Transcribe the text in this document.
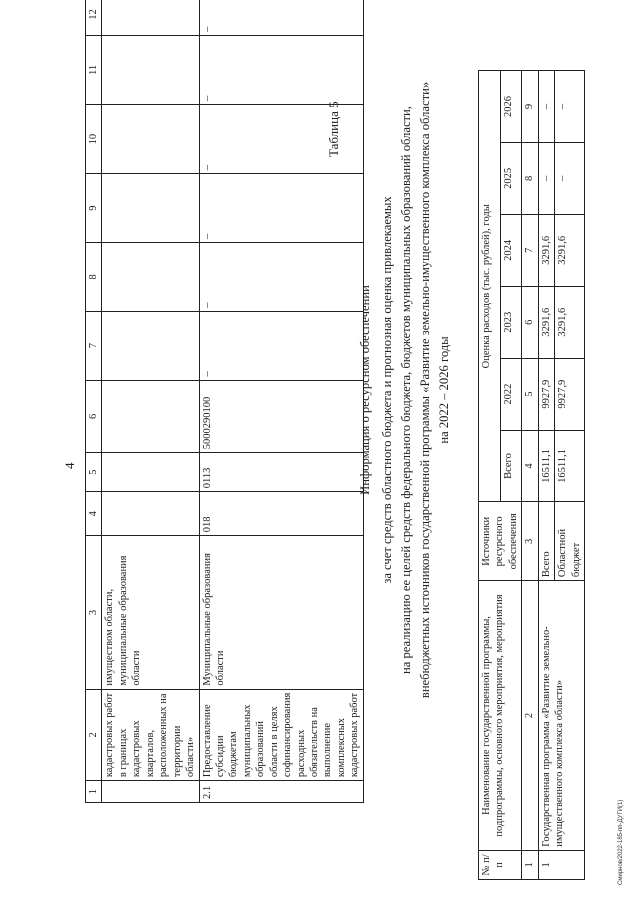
4
1	2	3	4	5	6	7	8	9	10	11	12
	кадастровых работ в границах кадастровых кварталов, расположенных на территории области»	имуществом области, муниципальные образования области									
2.1	Предоставление субсидии бюджетам муниципальных образований области в целях софинансирования расходных обязательств на выполнение комплексных кадастровых работ	Муниципальные образования области	018	0113	5000290100	–	–	–	–	–	–
Таблица 5
Информация о ресурсном обеспечении за счет средств областного бюджета и прогнозная оценка привлекаемых на реализацию ее целей средств федерального бюджета, бюджетов муниципальных образований области, внебюджетных источников государственной программы «Развитие земельно-имущественного комплекса области» на 2022 – 2026 годы
№ п/п	Наименование государственной программы, подпрограммы, основного мероприятия, мероприятия	Источники ресурсного обеспечения	Оценка расходов (тыс. рублей), годы					
			Всего	2022	2023	2024	2025	2026
1	2	3	4	5	6	7	8	9
1	Государственная программа «Развитие земельно-имущественного комплекса области»	Всего	16511,1	9927,9	3291,6	3291,6	–	–
		Областной бюджет	16511,1	9927,9	3291,6	3291,6	–	–
Смирнов/2022-185-пп-ДУГИ(1)
